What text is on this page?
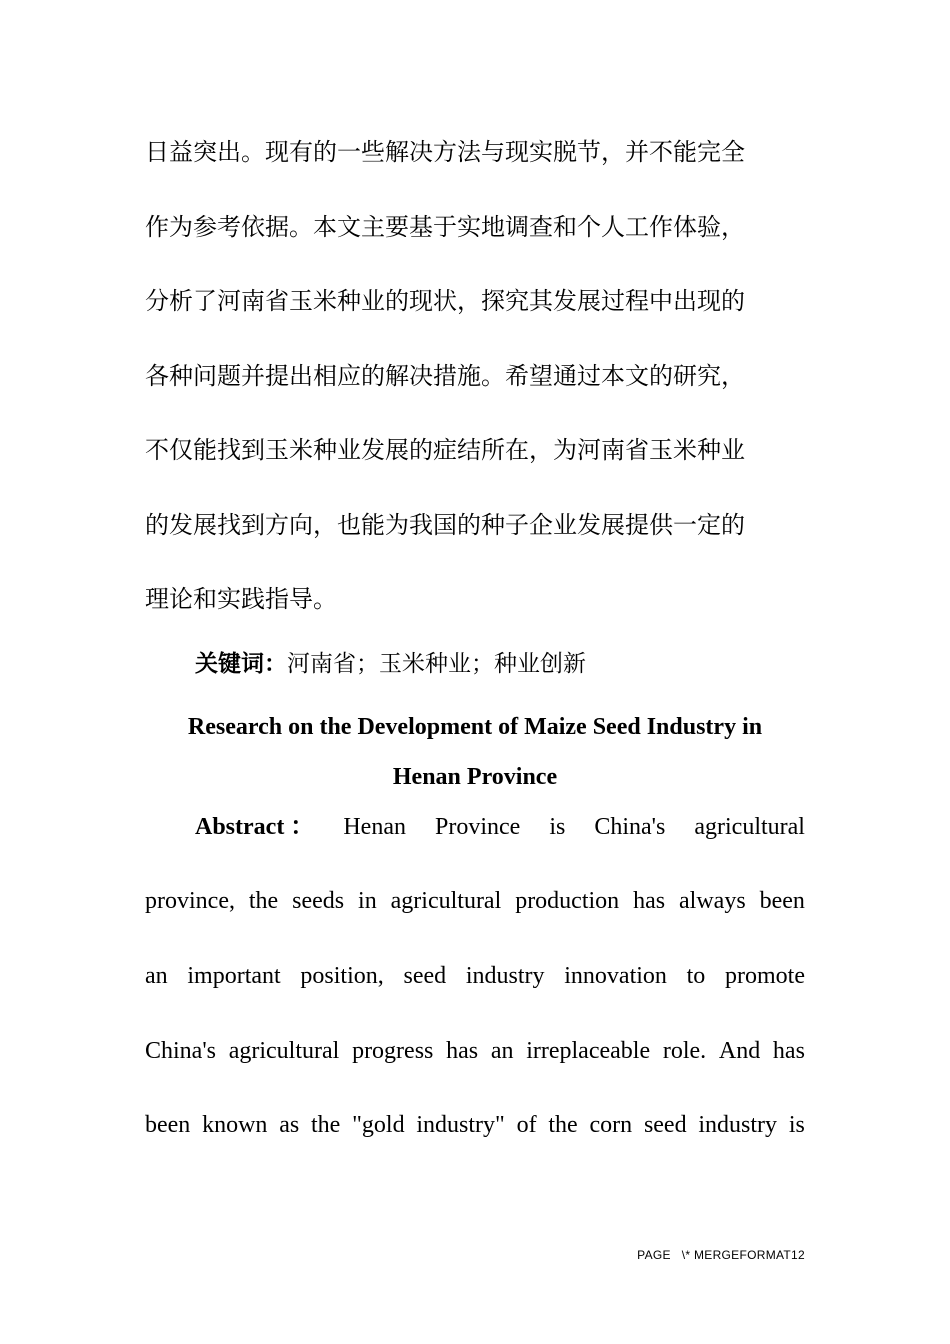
日益突出。现有的一些解决方法与现实脱节，并不能完全
作为参考依据。本文主要基于实地调查和个人工作体验，
分析了河南省玉米种业的现状，探究其发展过程中出现的
各种问题并提出相应的解决措施。希望通过本文的研究，
不仅能找到玉米种业发展的症结所在，为河南省玉米种业
的发展找到方向，也能为我国的种子企业发展提供一定的
理论和实践指导。
关键词：河南省；玉米种业；种业创新
Research on the Development of Maize Seed Industry in
Henan Province
Abstract ： Henan Province is China's agricultural
province, the seeds in agricultural production has always been
an important position, seed industry innovation to promote
China's agricultural progress has an irreplaceable role. And has
been known as the "gold industry" of the corn seed industry is
PAGE   \* MERGEFORMAT12
